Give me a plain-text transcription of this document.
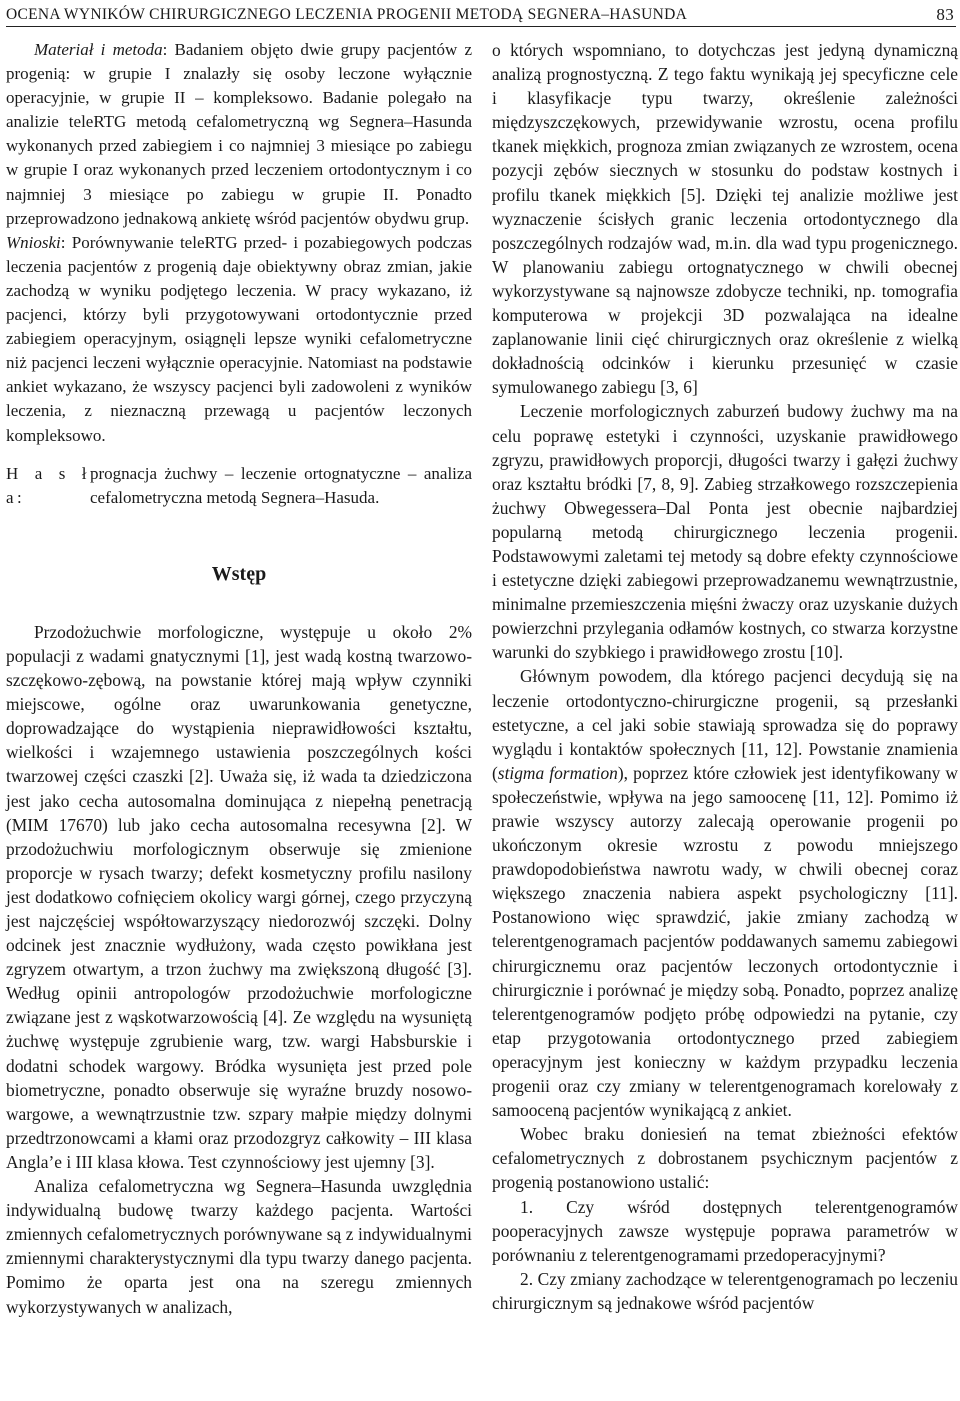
OCENA WYNIKÓW CHIRURGICZNEGO LECZENIA PROGENII METODĄ SEGNERA–HASUNDA	83

Materiał i metoda: Badaniem objęto dwie grupy pacjentów z progenią: w grupie I znalazły się osoby leczone wyłącznie operacyjnie, w grupie II – kompleksowo. Badanie polegało na analizie teleRTG metodą cefalometryczną wg Segnera–Hasunda wykonanych przed zabiegiem i co najmniej 3 miesiące po zabiegu w grupie I oraz wykonanych przed leczeniem ortodontycznym i co najmniej 3 miesiące po zabiegu w grupie II. Ponadto przeprowadzono jednakową ankietę wśród pacjentów obydwu grup.

Wnioski: Porównywanie teleRTG przed- i pozabiegowych podczas leczenia pacjentów z progenią daje obiektywny obraz zmian, jakie zachodzą w wyniku podjętego leczenia. W pracy wykazano, iż pacjenci, którzy byli przygotowywani ortodontycznie przed zabiegiem operacyjnym, osiągnęli lepsze wyniki cefalometryczne niż pacjenci leczeni wyłącznie operacyjnie. Natomiast na podstawie ankiet wykazano, że wszyscy pacjenci byli zadowoleni z wyników leczenia, z nieznaczną przewagą u pacjentów leczonych kompleksowo.

H a s ł a:
prognacja żuchwy – leczenie ortognatyczne – analiza cefalometryczna metodą Segnera–Hasuda.
Wstęp

Przodożuchwie morfologiczne, występuje u około 2% populacji z wadami gnatycznymi [1], jest wadą kostną twarzowo-szczękowo-zębową, na powstanie której mają wpływ czynniki miejscowe, ogólne oraz uwarunkowania genetyczne, doprowadzające do wystąpienia nieprawidłowości kształtu, wielkości i wzajemnego ustawienia poszczególnych kości twarzowej części czaszki [2]. Uważa się, iż wada ta dziedziczona jest jako cecha autosomalna dominująca z niepełną penetracją (MIM 17670) lub jako cecha autosomalna recesywna [2]. W przodożuchwiu morfologicznym obserwuje się zmienione proporcje w rysach twarzy; defekt kosmetyczny profilu nasilony jest dodatkowo cofnięciem okolicy wargi górnej, czego przyczyną jest najczęściej współtowarzyszący niedorozwój szczęki. Dolny odcinek jest znacznie wydłużony, wada często powikłana jest zgryzem otwartym, a trzon żuchwy ma zwiększoną długość [3]. Według opinii antropologów przodożuchwie morfologiczne związane jest z wąskotwarzowością [4]. Ze względu na wysuniętą żuchwę występuje zgrubienie warg, tzw. wargi Habsburskie i dodatni schodek wargowy. Bródka wysunięta jest przed pole biometryczne, ponadto obserwuje się wyraźne bruzdy nosowo-wargowe, a wewnątrzustnie tzw. szpary małpie między dolnymi przedtrzonowcami a kłami oraz przodozgryz całkowity – III klasa Angla’e i III klasa kłowa. Test czynnościowy jest ujemny [3].

Analiza cefalometryczna wg Segnera–Hasunda uwzględnia indywidualną budowę twarzy każdego pacjenta. Wartości zmiennych cefalometrycznych porównywane są z indywidualnymi zmiennymi charakterystycznymi dla typu twarzy danego pacjenta. Pomimo że oparta jest ona na szeregu zmiennych wykorzystywanych w analizach,

o których wspomniano, to dotychczas jest jedyną dynamiczną analizą prognostyczną. Z tego faktu wynikają jej specyficzne cele i klasyfikacje typu twarzy, określenie zależności międzyszczękowych, przewidywanie wzrostu, ocena profilu tkanek miękkich, prognoza zmian związanych ze wzrostem, ocena pozycji zębów siecznych w stosunku do podstaw kostnych i profilu tkanek miękkich [5]. Dzięki tej analizie możliwe jest wyznaczenie ścisłych granic leczenia ortodontycznego dla poszczególnych rodzajów wad, m.in. dla wad typu progenicznego. W planowaniu zabiegu ortognatycznego w chwili obecnej wykorzystywane są najnowsze zdobycze techniki, np. tomografia komputerowa w projekcji 3D pozwalająca na idealne zaplanowanie linii cięć chirurgicznych oraz określenie z wielką dokładnością odcinków i kierunku przesunięć w czasie symulowanego zabiegu [3, 6]

Leczenie morfologicznych zaburzeń budowy żuchwy ma na celu poprawę estetyki i czynności, uzyskanie prawidłowego zgryzu, prawidłowych proporcji, długości twarzy i gałęzi żuchwy oraz kształtu bródki [7, 8, 9]. Zabieg strzałkowego rozszczepienia żuchwy Obwegessera–Dal Ponta jest obecnie najbardziej popularną metodą chirurgicznego leczenia progenii. Podstawowymi zaletami tej metody są dobre efekty czynnościowe i estetyczne dzięki zabiegowi przeprowadzanemu wewnątrzustnie, minimalne przemieszczenia mięśni żwaczy oraz uzyskanie dużych powierzchni przylegania odłamów kostnych, co stwarza korzystne warunki do szybkiego i prawidłowego zrostu [10].

Głównym powodem, dla którego pacjenci decydują się na leczenie ortodontyczno-chirurgiczne progenii, są przesłanki estetyczne, a cel jaki sobie stawiają sprowadza się do poprawy wyglądu i kontaktów społecznych [11, 12]. Powstanie znamienia (stigma formation), poprzez które człowiek jest identyfikowany w społeczeństwie, wpływa na jego samoocenę [11, 12]. Pomimo iż prawie wszyscy autorzy zalecają operowanie progenii po ukończonym okresie wzrostu z powodu mniejszego prawdopodobieństwa nawrotu wady, w chwili obecnej coraz większego znaczenia nabiera aspekt psychologiczny [11]. Postanowiono więc sprawdzić, jakie zmiany zachodzą w telerentgenogramach pacjentów poddawanych samemu zabiegowi chirurgicznemu oraz pacjentów leczonych ortodontycznie i chirurgicznie i porównać je między sobą. Ponadto, poprzez analizę telerentgenogramów podjęto próbę odpowiedzi na pytanie, czy etap przygotowania ortodontycznego przed zabiegiem operacyjnym jest konieczny w każdym przypadku leczenia progenii oraz czy zmiany w telerentgenogramach korelowały z samooceną pacjentów wynikającą z ankiet.

Wobec braku doniesień na temat zbieżności efektów cefalometrycznych z dobrostanem psychicznym pacjentów z progenią postanowiono ustalić:

1. Czy wśród dostępnych telerentgenogramów pooperacyjnych zawsze występuje poprawa parametrów w porównaniu z telerentgenogramami przedoperacyjnymi?

2. Czy zmiany zachodzące w telerentgenogramach po leczeniu chirurgicznym są jednakowe wśród pacjentów
